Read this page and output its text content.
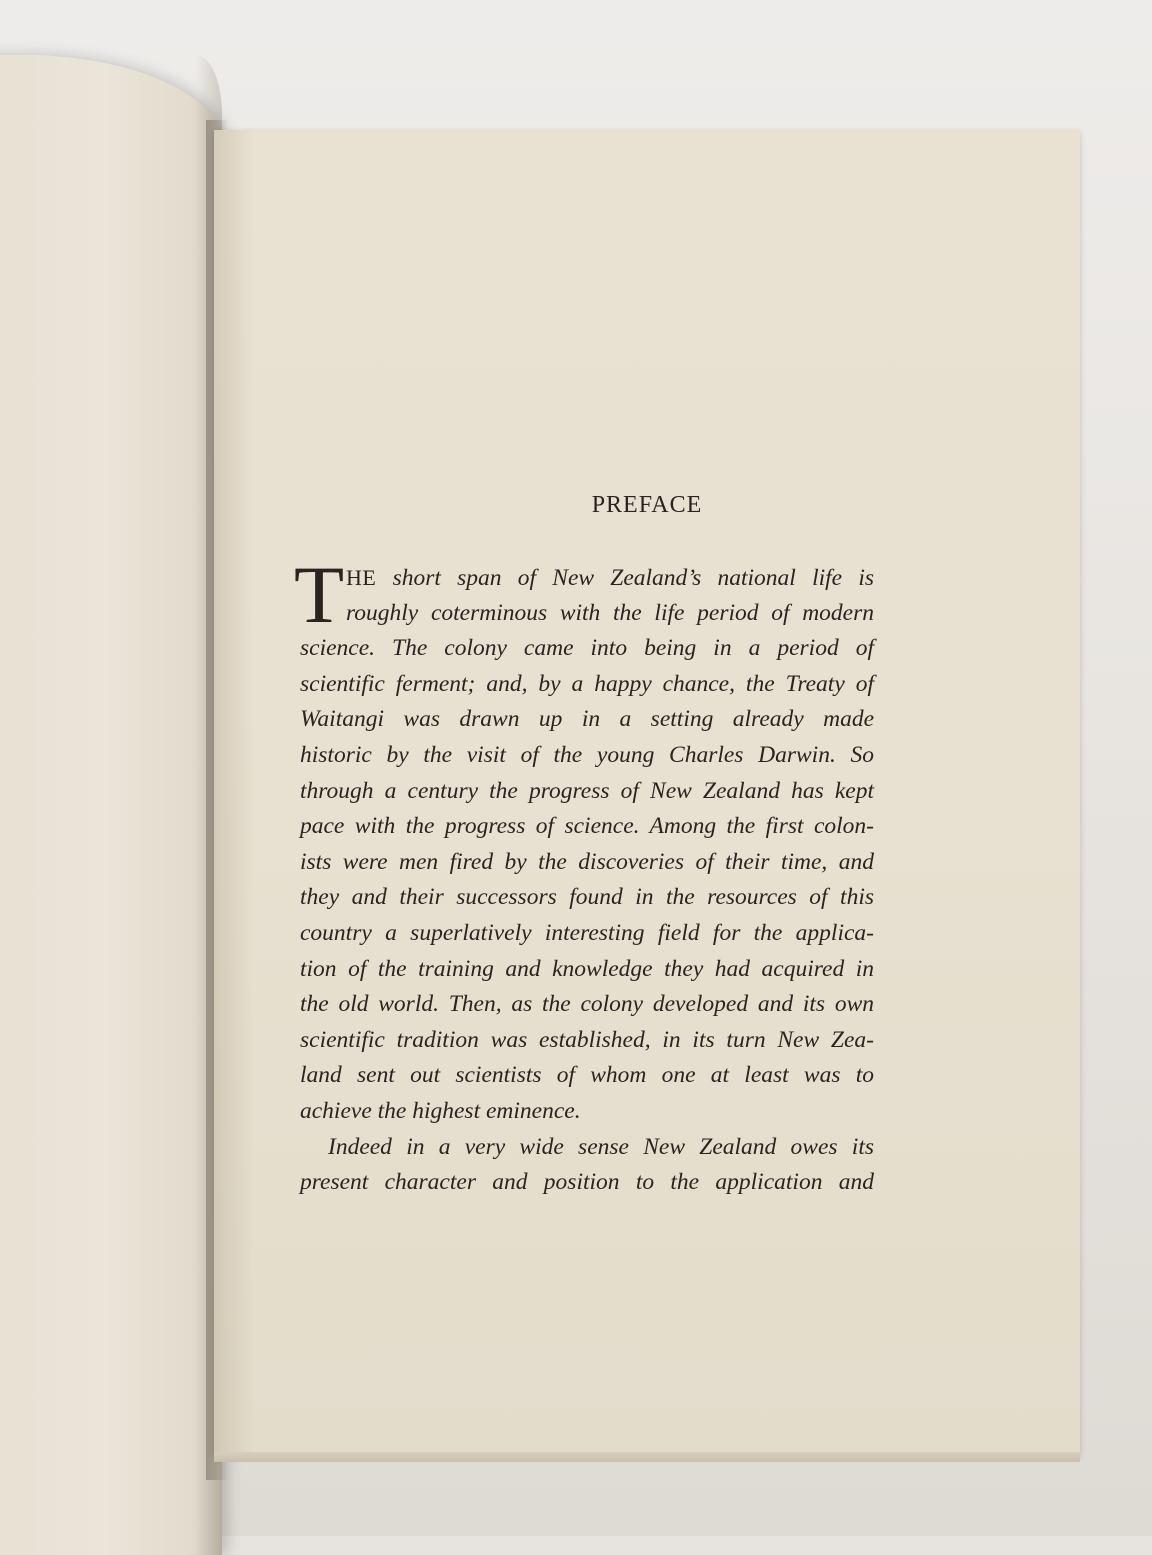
PREFACE
T HE short span of New Zealand’s national life is
roughly coterminous with the life period of modern
science. The colony came into being in a period of
scientific ferment; and, by a happy chance, the Treaty of
Waitangi was drawn up in a setting already made
historic by the visit of the young Charles Darwin. So
through a century the progress of New Zealand has kept
pace with the progress of science. Among the first colon-
ists were men fired by the discoveries of their time, and
they and their successors found in the resources of this
country a superlatively interesting field for the applica-
tion of the training and knowledge they had acquired in
the old world. Then, as the colony developed and its own
scientific tradition was established, in its turn New Zea-
land sent out scientists of whom one at least was to
achieve the highest eminence.
Indeed in a very wide sense New Zealand owes its
present character and position to the application and
